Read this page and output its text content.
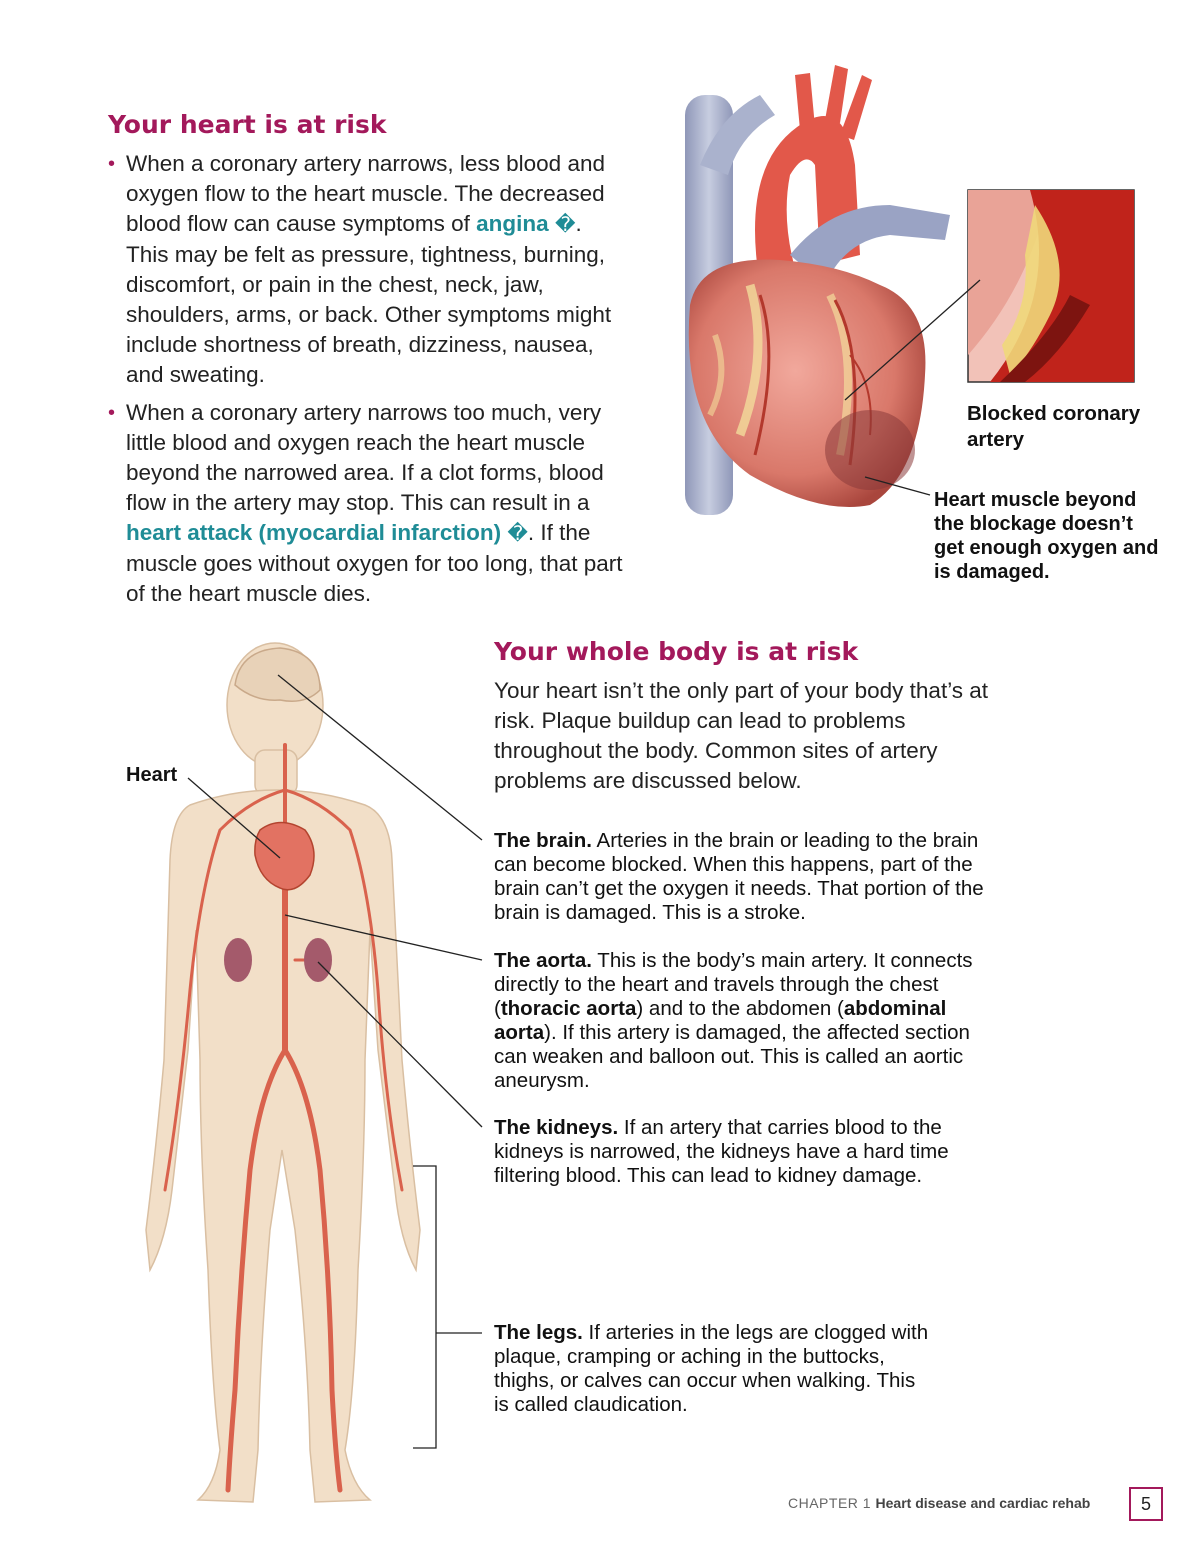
Your heart is at risk
• When a coronary artery narrows, less blood and oxygen flow to the heart muscle. The decreased blood flow can cause symptoms of angina �. This may be felt as pressure, tightness, burning, discomfort, or pain in the chest, neck, jaw, shoulders, arms, or back. Other symptoms might include shortness of breath, dizziness, nausea, and sweating.
• When a coronary artery narrows too much, very little blood and oxygen reach the heart muscle beyond the narrowed area. If a clot forms, blood flow in the artery may stop. This can result in a heart attack (myocardial infarction) �. If the muscle goes without oxygen for too long, that part of the heart muscle dies.
Blocked coronary artery
Heart muscle beyond the blockage doesn’t get enough oxygen and is damaged.
Heart
Your whole body is at risk

Your heart isn’t the only part of your body that’s at risk. Plaque buildup can lead to problems throughout the body. Common sites of artery problems are discussed below.

The brain. Arteries in the brain or leading to the brain can become blocked. When this happens, part of the brain can’t get the oxygen it needs. That portion of the brain is damaged. This is a stroke.

The aorta. This is the body’s main artery. It connects directly to the heart and travels through the chest (thoracic aorta) and to the abdomen (abdominal aorta). If this artery is damaged, the affected section can weaken and balloon out. This is called an aortic aneurysm.

The kidneys. If an artery that carries blood to the kidneys is narrowed, the kidneys have a hard time filtering blood. This can lead to kidney damage.

The legs. If arteries in the legs are clogged with plaque, cramping or aching in the buttocks, thighs, or calves can occur when walking. This is called claudication.

CHAPTER 1 Heart disease and cardiac rehab	5
